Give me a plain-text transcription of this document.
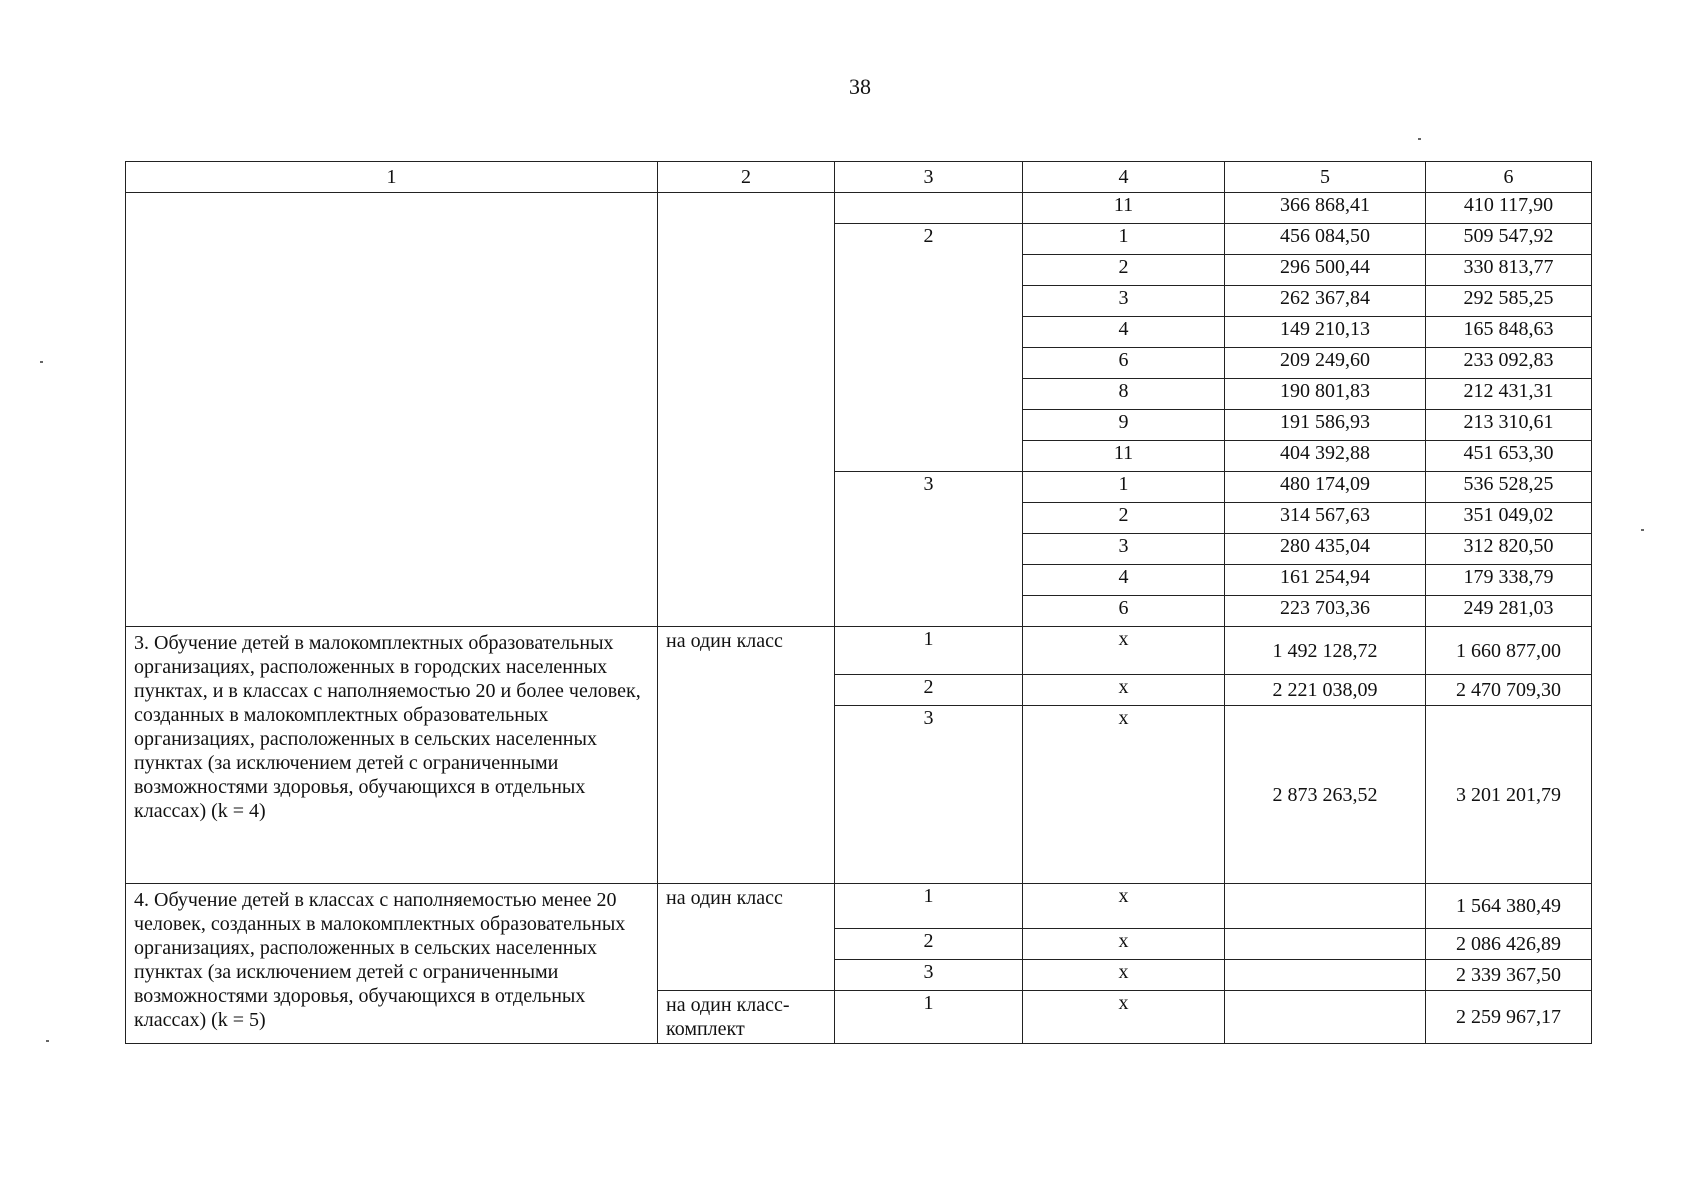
38
1	2	3	4	5	6
			11	366 868,41	410 117,90
		2	1	456 084,50	509 547,92
			2	296 500,44	330 813,77
			3	262 367,84	292 585,25
			4	149 210,13	165 848,63
			6	209 249,60	233 092,83
			8	190 801,83	212 431,31
			9	191 586,93	213 310,61
			11	404 392,88	451 653,30
		3	1	480 174,09	536 528,25
			2	314 567,63	351 049,02
			3	280 435,04	312 820,50
			4	161 254,94	179 338,79
			6	223 703,36	249 281,03
3. Обучение детей в малокомплектных образовательных организациях, расположенных в городских населенных пунктах, и в классах с наполняемостью 20 и более человек, созданных в малокомплектных образовательных организациях, расположенных в сельских населенных пунктах (за исключением детей с ограниченными возможностями здоровья, обучающихся в отдельных классах) (k = 4)	на один класс	1	х	1 492 128,72	1 660 877,00
		2	х	2 221 038,09	2 470 709,30
		3	х	2 873 263,52	3 201 201,79
4. Обучение детей в классах с наполняемостью менее 20 человек, созданных в малокомплектных образовательных организациях, расположенных в сельских населенных пунктах (за исключением детей с ограниченными возможностями здоровья, обучающихся в отдельных классах) (k = 5)	на один класс	1	х		1 564 380,49
		2	х		2 086 426,89
		3	х		2 339 367,50
	на один класс-комплект	1	х		2 259 967,17
